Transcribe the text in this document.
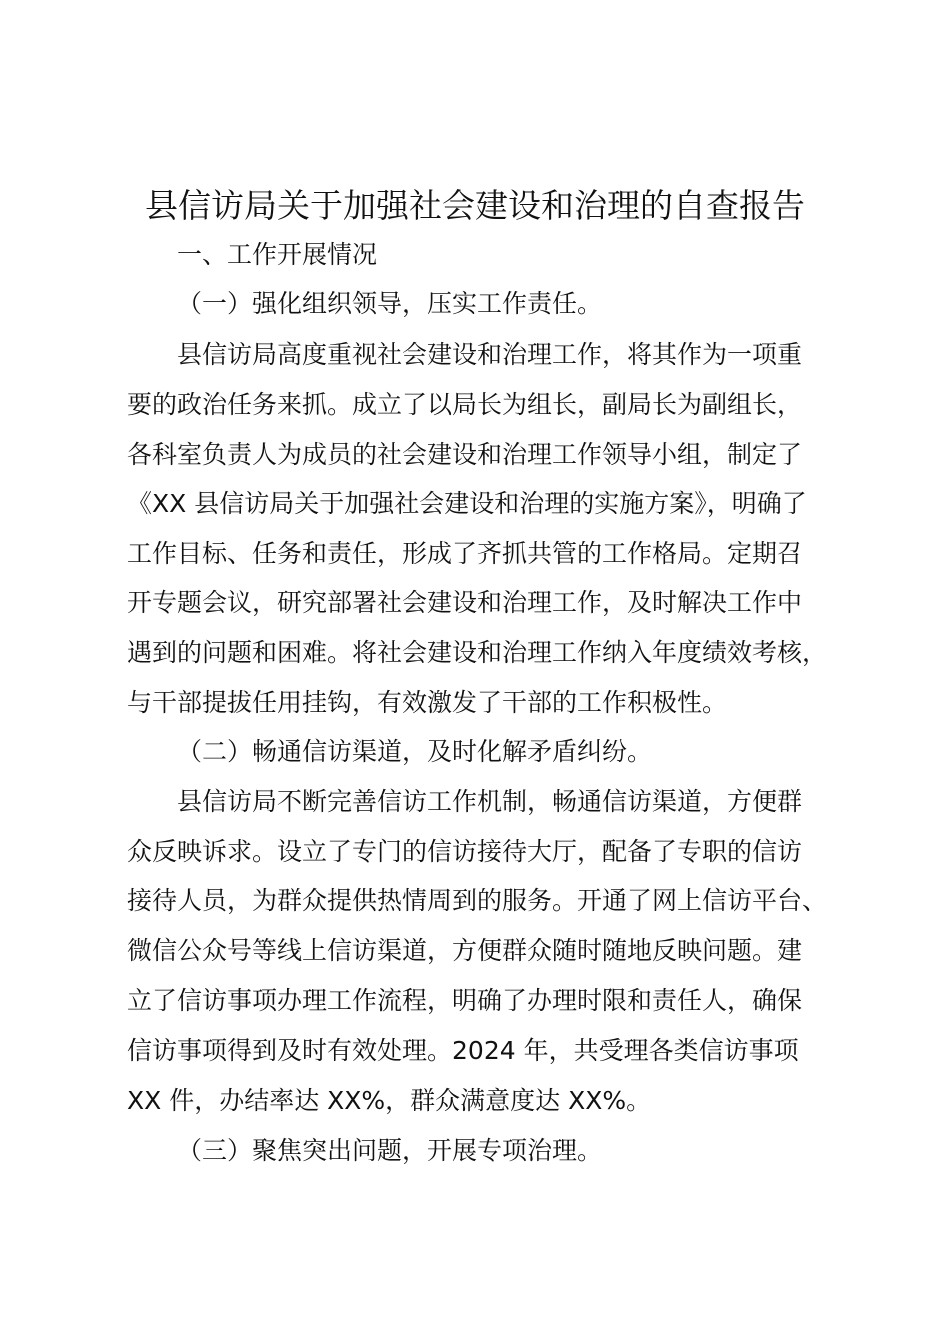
县信访局关于加强社会建设和治理的自查报告
一、工作开展情况
（一）强化组织领导，压实工作责任。
县信访局高度重视社会建设和治理工作，将其作为一项重
要的政治任务来抓。成立了以局长为组长，副局长为副组长，
各科室负责人为成员的社会建设和治理工作领导小组，制定了
《XX 县信访局关于加强社会建设和治理的实施方案》，明确了
工作目标、任务和责任，形成了齐抓共管的工作格局。定期召
开专题会议，研究部署社会建设和治理工作，及时解决工作中
遇到的问题和困难。将社会建设和治理工作纳入年度绩效考核，
与干部提拔任用挂钩，有效激发了干部的工作积极性。
（二）畅通信访渠道，及时化解矛盾纠纷。
县信访局不断完善信访工作机制，畅通信访渠道，方便群
众反映诉求。设立了专门的信访接待大厅，配备了专职的信访
接待人员，为群众提供热情周到的服务。开通了网上信访平台、
微信公众号等线上信访渠道，方便群众随时随地反映问题。建
立了信访事项办理工作流程，明确了办理时限和责任人，确保
信访事项得到及时有效处理。2024 年，共受理各类信访事项
XX 件，办结率达 XX%，群众满意度达 XX%。
（三）聚焦突出问题，开展专项治理。
